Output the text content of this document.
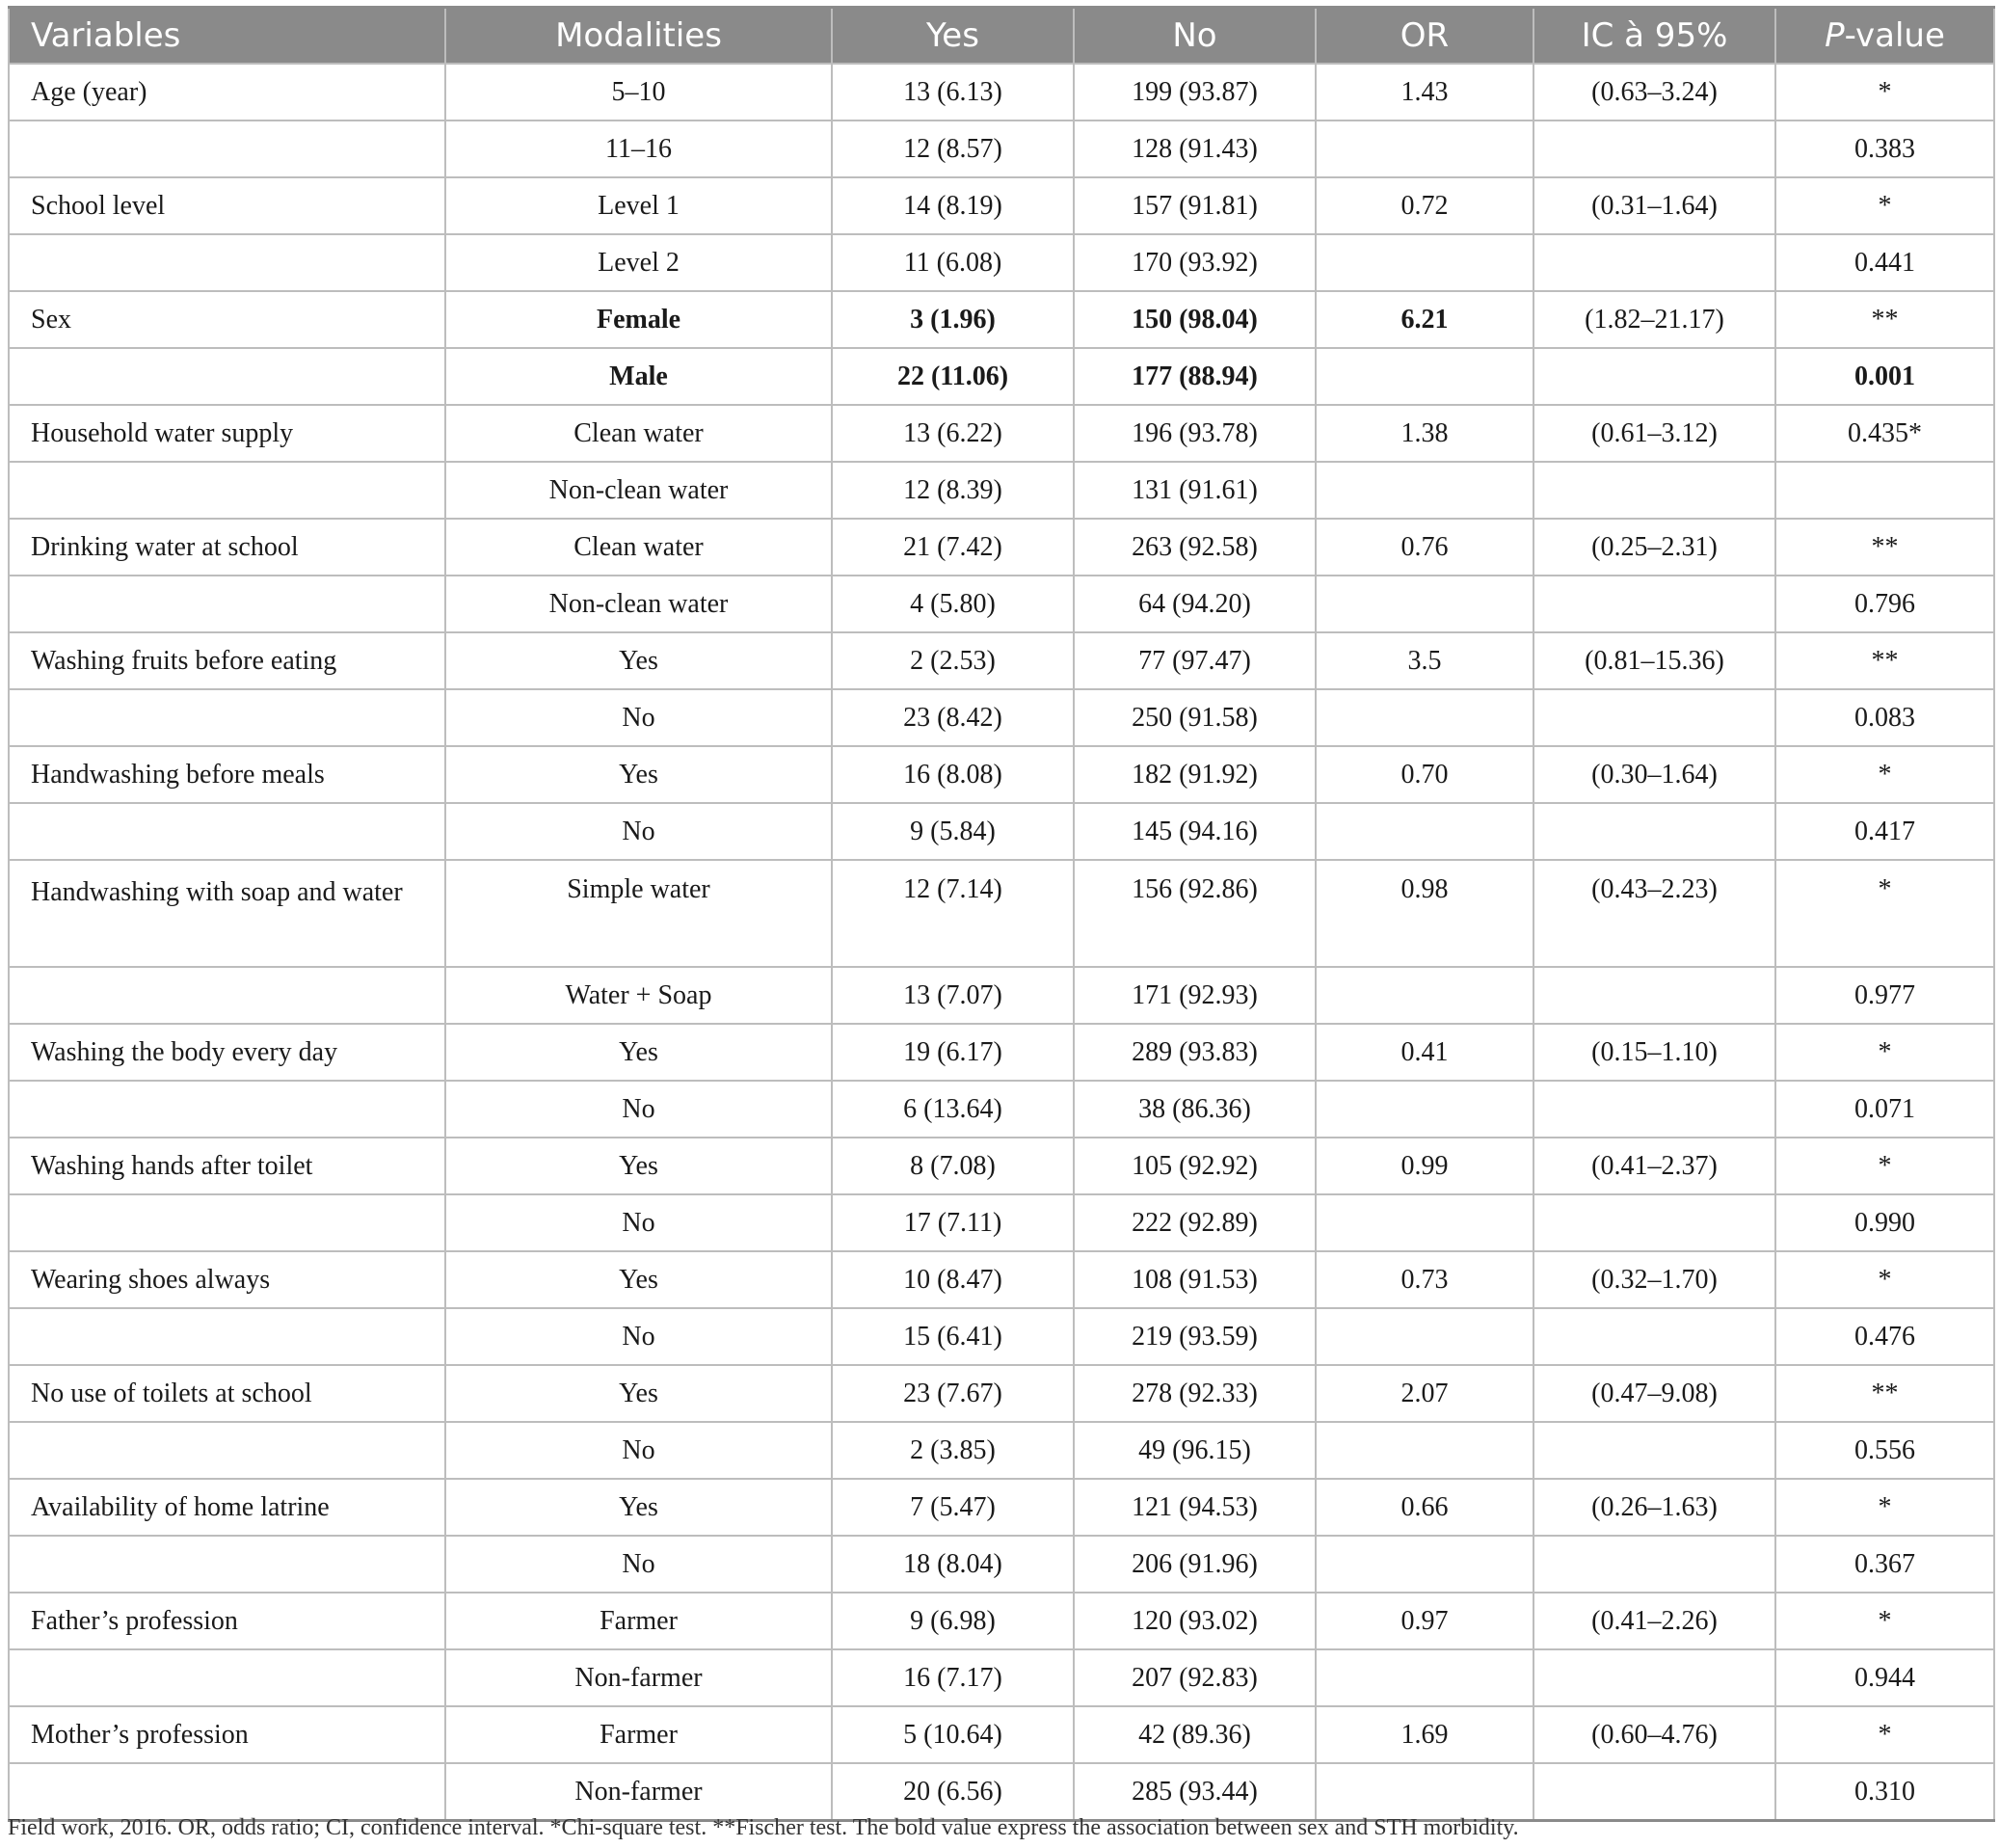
Variables	Modalities	Yes	No	OR	IC à 95%	P-value
Age (year)	5–10	13 (6.13)	199 (93.87)	1.43	(0.63–3.24)	*
	11–16	12 (8.57)	128 (91.43)			0.383
School level	Level 1	14 (8.19)	157 (91.81)	0.72	(0.31–1.64)	*
	Level 2	11 (6.08)	170 (93.92)			0.441
Sex	Female	3 (1.96)	150 (98.04)	6.21	(1.82–21.17)	**
	Male	22 (11.06)	177 (88.94)			0.001
Household water supply	Clean water	13 (6.22)	196 (93.78)	1.38	(0.61–3.12)	0.435*
	Non-clean water	12 (8.39)	131 (91.61)			
Drinking water at school	Clean water	21 (7.42)	263 (92.58)	0.76	(0.25–2.31)	**
	Non-clean water	4 (5.80)	64 (94.20)			0.796
Washing fruits before eating	Yes	2 (2.53)	77 (97.47)	3.5	(0.81–15.36)	**
	No	23 (8.42)	250 (91.58)			0.083
Handwashing before meals	Yes	16 (8.08)	182 (91.92)	0.70	(0.30–1.64)	*
	No	9 (5.84)	145 (94.16)			0.417
Handwashing with soap and water	Simple water	12 (7.14)	156 (92.86)	0.98	(0.43–2.23)	*
	Water + Soap	13 (7.07)	171 (92.93)			0.977
Washing the body every day	Yes	19 (6.17)	289 (93.83)	0.41	(0.15–1.10)	*
	No	6 (13.64)	38 (86.36)			0.071
Washing hands after toilet	Yes	8 (7.08)	105 (92.92)	0.99	(0.41–2.37)	*
	No	17 (7.11)	222 (92.89)			0.990
Wearing shoes always	Yes	10 (8.47)	108 (91.53)	0.73	(0.32–1.70)	*
	No	15 (6.41)	219 (93.59)			0.476
No use of toilets at school	Yes	23 (7.67)	278 (92.33)	2.07	(0.47–9.08)	**
	No	2 (3.85)	49 (96.15)			0.556
Availability of home latrine	Yes	7 (5.47)	121 (94.53)	0.66	(0.26–1.63)	*
	No	18 (8.04)	206 (91.96)			0.367
Father’s profession	Farmer	9 (6.98)	120 (93.02)	0.97	(0.41–2.26)	*
	Non-farmer	16 (7.17)	207 (92.83)			0.944
Mother’s profession	Farmer	5 (10.64)	42 (89.36)	1.69	(0.60–4.76)	*
	Non-farmer	20 (6.56)	285 (93.44)			0.310
Field work, 2016. OR, odds ratio; CI, confidence interval. *Chi-square test. **Fischer test. The bold value express the association between sex and STH morbidity.
